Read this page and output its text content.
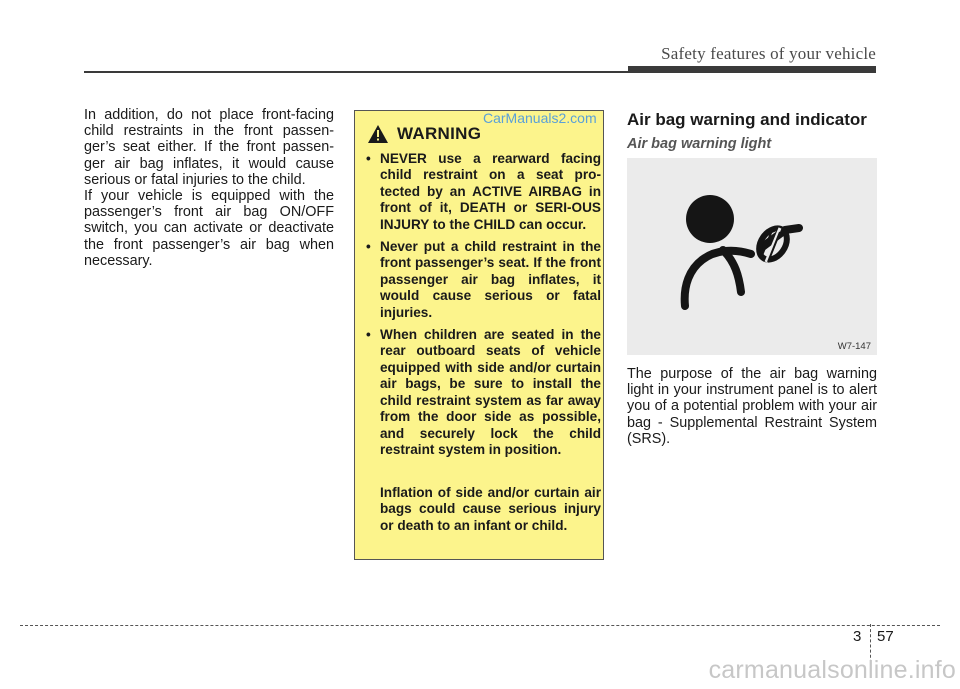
Safety features of your vehicle

In addition, do not place front-facing child restraints in the front passen-ger’s seat either. If the front passen-ger air bag inflates, it would cause serious or fatal injuries to the child.

If your vehicle is equipped with the passenger’s front air bag ON/OFF switch, you can activate or deactivate the front passenger’s air bag when necessary.

WARNING
• NEVER use a rearward facing child restraint on a seat pro-tected by an ACTIVE AIRBAG in front of it, DEATH or SERI-OUS INJURY to the CHILD can occur.
• Never put a child restraint in the front passenger’s seat. If the front passenger air bag inflates, it would cause serious or fatal injuries.
• When children are seated in the rear outboard seats of vehicle equipped with side and/or curtain air bags, be sure to install the child restraint system as far away from the door side as possible, and securely lock the child restraint system in position.
Inflation of side and/or curtain air bags could cause serious injury or death to an infant or child.
CarManuals2.com Air bag warning and indicator
Air bag warning light
W7-147

The purpose of the air bag warning light in your instrument panel is to alert you of a potential problem with your air bag - Supplemental Restraint System (SRS).

3 57
carmanualsonline.info
